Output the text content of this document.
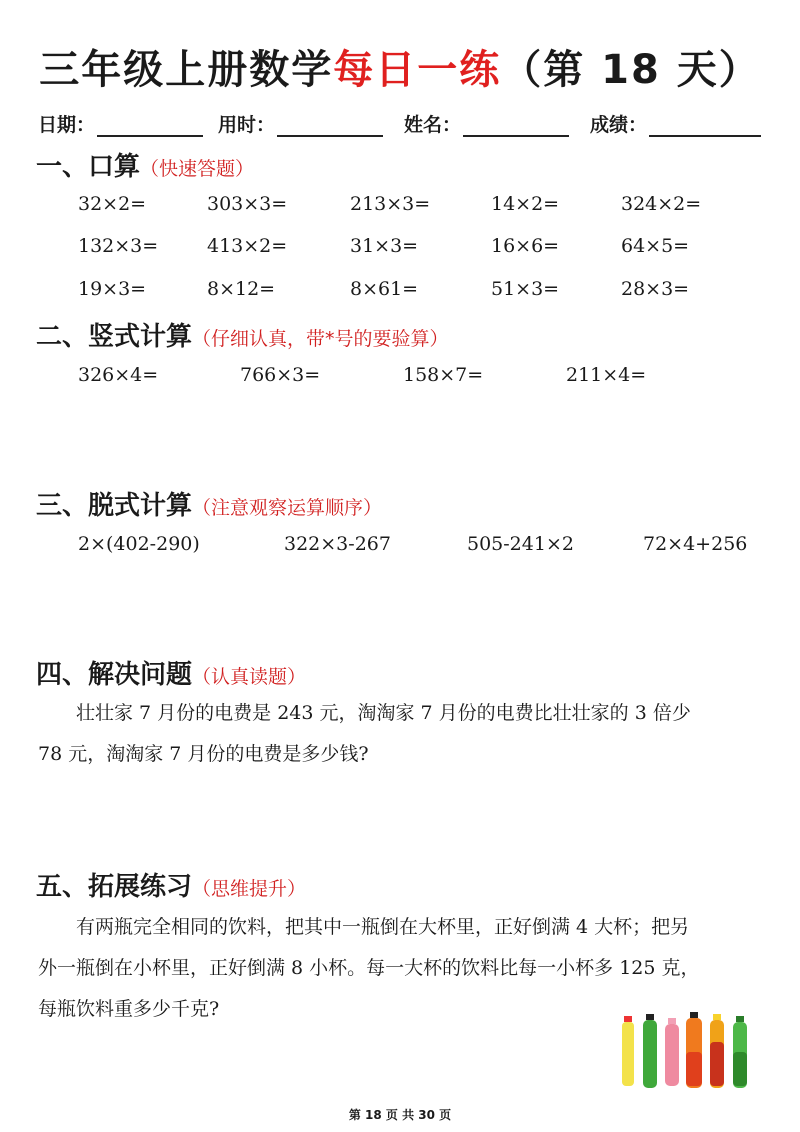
三年级上册数学每日一练（第 18 天）
日期：	用时：	姓名：	成绩：
一、口算（快速答题）
32×2=	303×3=	213×3=	14×2=	324×2=
132×3=	413×2=	31×3=	16×6=	64×5=
19×3=	8×12=	8×61=	51×3=	28×3=
二、竖式计算（仔细认真，带*号的要验算）
326×4=	766×3=	158×7=	211×4=
三、脱式计算（注意观察运算顺序）
2×(402-290)	322×3-267	505-241×2	72×4+256
四、解决问题（认真读题）
壮壮家 7 月份的电费是 243 元，淘淘家 7 月份的电费比壮壮家的 3 倍少
78 元，淘淘家 7 月份的电费是多少钱?
五、拓展练习（思维提升）
有两瓶完全相同的饮料，把其中一瓶倒在大杯里，正好倒满 4 大杯；把另
外一瓶倒在小杯里，正好倒满 8 小杯。每一大杯的饮料比每一小杯多 125 克，
每瓶饮料重多少千克?
第 18 页 共 30 页
